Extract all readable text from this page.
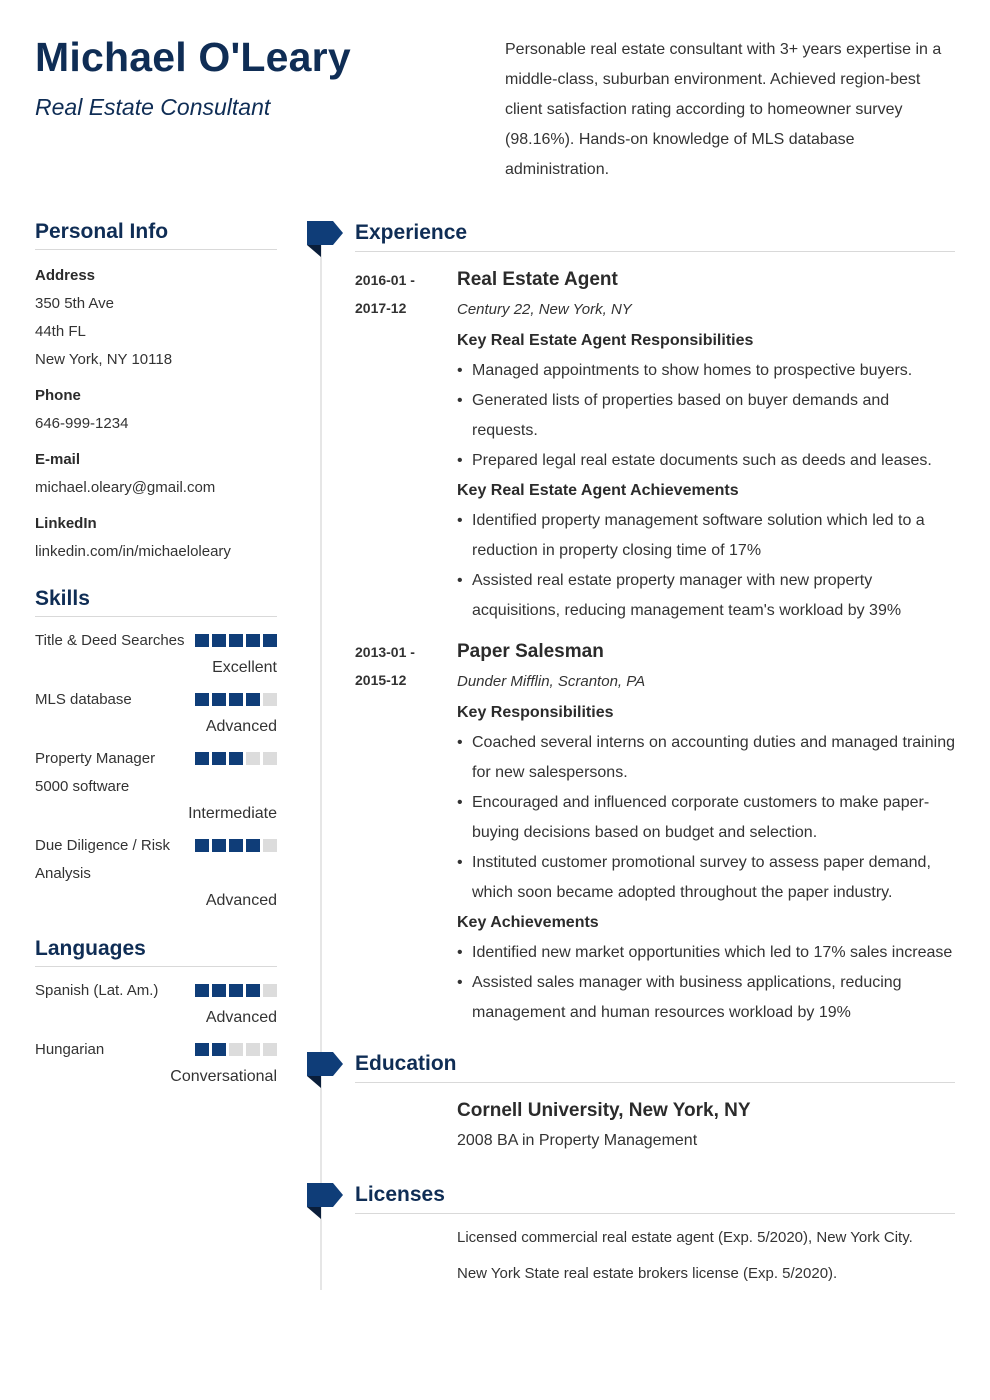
Michael O'Leary
Real Estate Consultant

Personable real estate consultant with 3+ years expertise in a middle-class, suburban environment. Achieved region-best client satisfaction rating according to homeowner survey (98.16%). Hands-on knowledge of MLS database administration.

Personal Info
Address
350 5th Ave
44th FL
New York, NY 10118
Phone
646-999-1234
E-mail
michael.oleary@gmail.com
LinkedIn
linkedin.com/in/michaeloleary
Skills
Title & Deed Searches
Excellent
MLS database
Advanced
Property Manager 5000 software
Intermediate
Due Diligence / Risk Analysis
Advanced
Languages
Spanish (Lat. Am.)
Advanced
Hungarian
Conversational
Experience
2016-01 -
2017-12
Real Estate Agent
Century 22, New York, NY
Key Real Estate Agent Responsibilities
• Managed appointments to show homes to prospective buyers.
• Generated lists of properties based on buyer demands and requests.
• Prepared legal real estate documents such as deeds and leases.
Key Real Estate Agent Achievements
• Identified property management software solution which led to a reduction in property closing time of 17%
• Assisted real estate property manager with new property acquisitions, reducing management team's workload by 39%
2013-01 -
2015-12
Paper Salesman
Dunder Mifflin, Scranton, PA
Key Responsibilities
• Coached several interns on accounting duties and managed training for new salespersons.
• Encouraged and influenced corporate customers to make paper-buying decisions based on budget and selection.
• Instituted customer promotional survey to assess paper demand, which soon became adopted throughout the paper industry.
Key Achievements
• Identified new market opportunities which led to 17% sales increase
• Assisted sales manager with business applications, reducing management and human resources workload by 19%
Education
Cornell University, New York, NY
2008 BA in Property Management
Licenses
Licensed commercial real estate agent (Exp. 5/2020), New York City.
New York State real estate brokers license (Exp. 5/2020).
